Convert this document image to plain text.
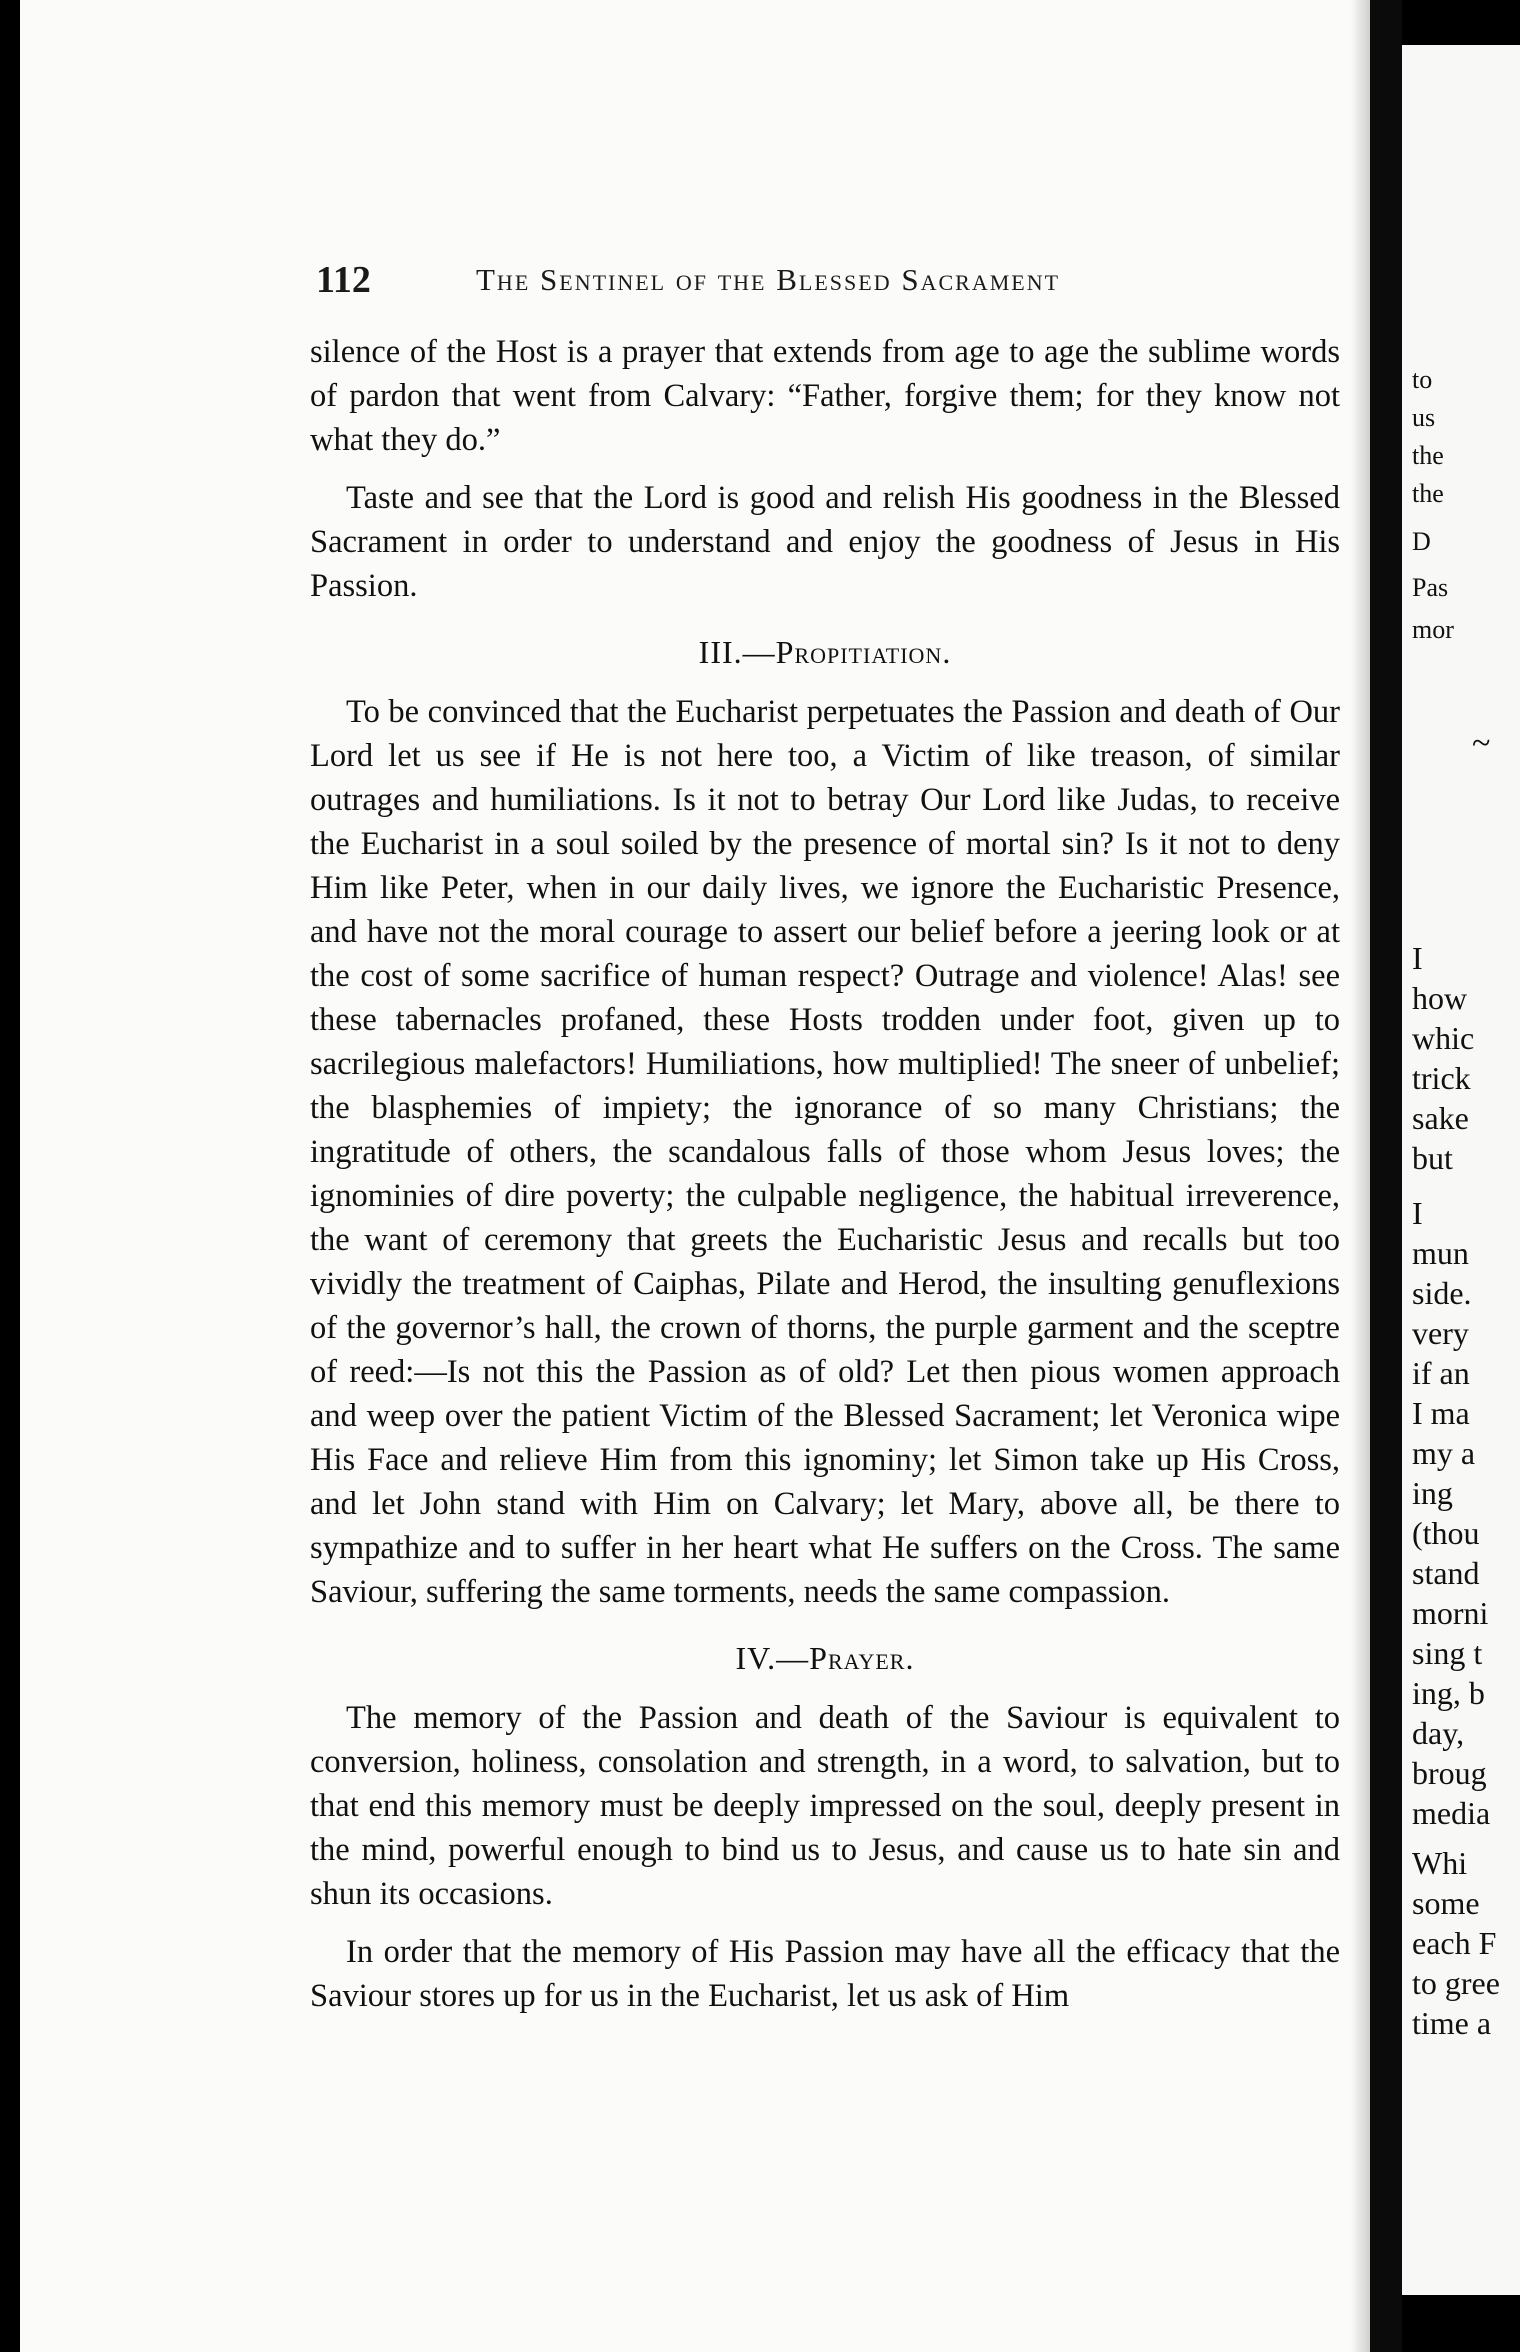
112	The Sentinel of the Blessed Sacrament

silence of the Host is a prayer that extends from age to age the sublime words of pardon that went from Calvary: “Father, forgive them; for they know not what they do.”

Taste and see that the Lord is good and relish His goodness in the Blessed Sacrament in order to understand and enjoy the goodness of Jesus in His Passion.

III.—Propitiation.

To be convinced that the Eucharist perpetuates the Passion and death of Our Lord let us see if He is not here too, a Victim of like treason, of similar outrages and humiliations. Is it not to betray Our Lord like Judas, to receive the Eucharist in a soul soiled by the presence of mortal sin? Is it not to deny Him like Peter, when in our daily lives, we ignore the Eucharistic Presence, and have not the moral courage to assert our belief before a jeering look or at the cost of some sacrifice of human respect? Outrage and violence! Alas! see these tabernacles profaned, these Hosts trodden under foot, given up to sacrilegious malefactors! Humiliations, how multiplied! The sneer of unbelief; the blasphemies of impiety; the ignorance of so many Christians; the ingratitude of others, the scandalous falls of those whom Jesus loves; the ignominies of dire poverty; the culpable negligence, the habitual irreverence, the want of ceremony that greets the Eucharistic Jesus and recalls but too vividly the treatment of Caiphas, Pilate and Herod, the insulting genuflexions of the governor’s hall, the crown of thorns, the purple garment and the sceptre of reed:—Is not this the Passion as of old? Let then pious women approach and weep over the patient Victim of the Blessed Sacrament; let Veronica wipe His Face and relieve Him from this ignominy; let Simon take up His Cross, and let John stand with Him on Calvary; let Mary, above all, be there to sympathize and to suffer in her heart what He suffers on the Cross. The same Saviour, suffering the same torments, needs the same compassion.

IV.—Prayer.

The memory of the Passion and death of the Saviour is equivalent to conversion, holiness, consolation and strength, in a word, to salvation, but to that end this memory must be deeply impressed on the soul, deeply present in the mind, powerful enough to bind us to Jesus, and cause us to hate sin and shun its occasions.

In order that the memory of His Passion may have all the efficacy that the Saviour stores up for us in the Eucharist, let us ask of Him

to
us
the
the
D
Pas
mor
~
I
how
whic
trick
sake
but
I
mun
side.
very
if an
I ma
my a
ing
(thou
stand
morni
sing t
ing, b
day,
broug
media
Whi
some
each F
to gree
time a
